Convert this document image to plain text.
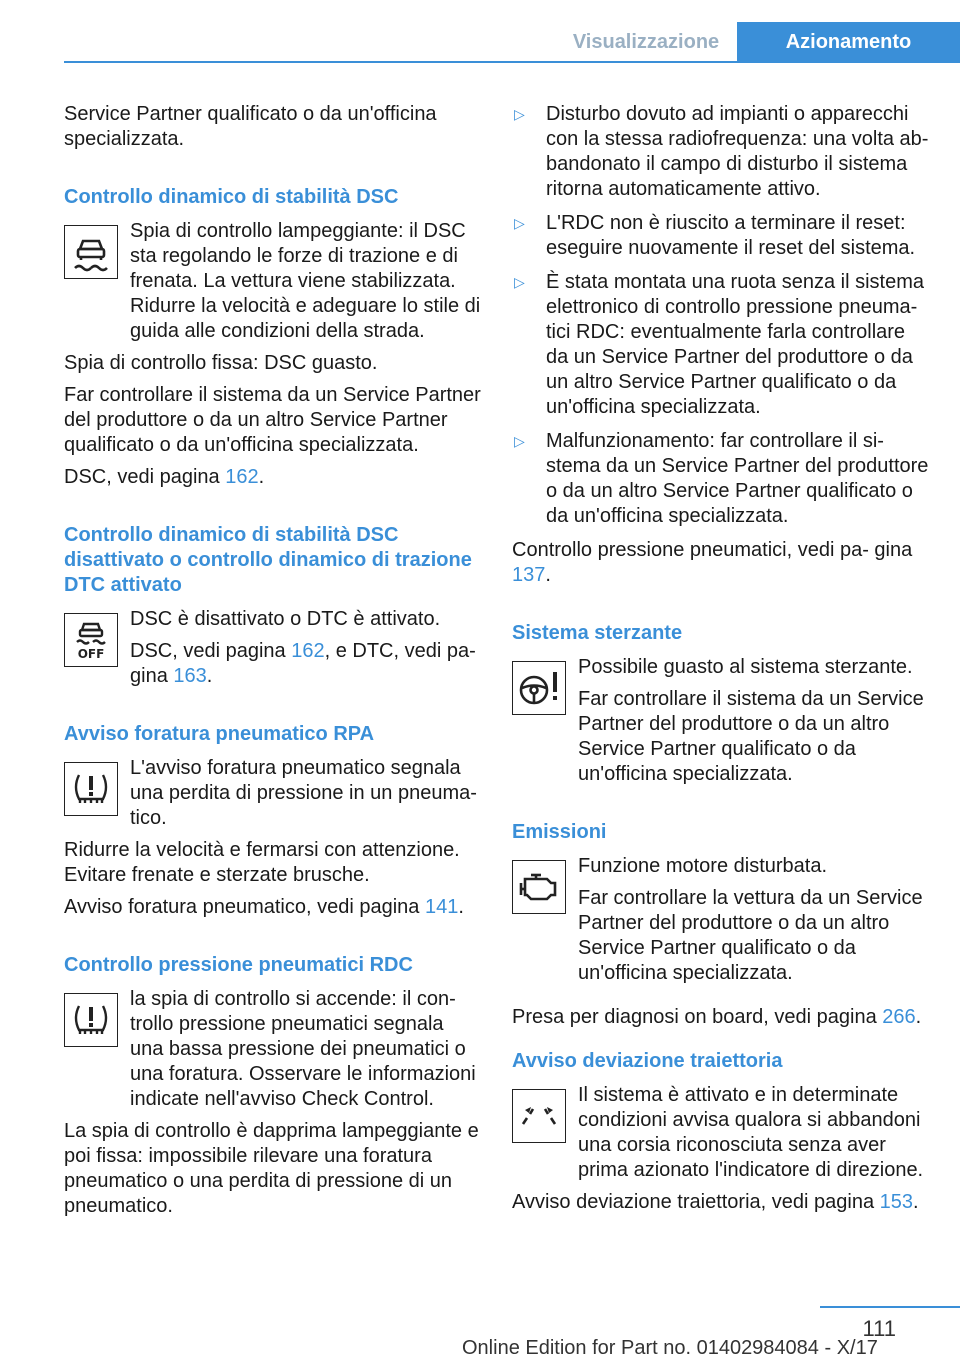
Visualizzazione	Azionamento

Service Partner qualificato o da un'officina specializzata.

Controllo dinamico di stabilità DSC
Spia di controllo lampeggiante: il DSC sta regolando le forze di trazione e di frenata. La vettura viene stabilizzata. Ridurre la velocità e adeguare lo stile di guida alle condizioni della strada.

Spia di controllo fissa: DSC guasto.

Far controllare il sistema da un Service Partner del produttore o da un altro Service Partner qualificato o da un'officina specializzata.

DSC, vedi pagina 162.

Controllo dinamico di stabilità DSC disattivato o controllo dinamico di trazione DTC attivato
OFF

DSC è disattivato o DTC è attivato.

DSC, vedi pagina 162, e DTC, vedi pa- gina 163.

Avviso foratura pneumatico RPA
L'avviso foratura pneumatico segnala una perdita di pressione in un pneuma- tico.

Ridurre la velocità e fermarsi con attenzione. Evitare frenate e sterzate brusche.

Avviso foratura pneumatico, vedi pagina 141.

Controllo pressione pneumatici RDC
la spia di controllo si accende: il con- trollo pressione pneumatici segnala una bassa pressione dei pneumatici o una foratura. Osservare le informazioni indicate nell'avviso Check Control.

La spia di controllo è dapprima lampeggiante e poi fissa: impossibile rilevare una foratura pneumatico o una perdita di pressione di un pneumatico.

▷ Disturbo dovuto ad impianti o apparecchi con la stessa radiofrequenza: una volta ab- bandonato il campo di disturbo il sistema ritorna automaticamente attivo.
▷ L'RDC non è riuscito a terminare il reset: eseguire nuovamente il reset del sistema.
▷ È stata montata una ruota senza il sistema elettronico di controllo pressione pneuma- tici RDC: eventualmente farla controllare da un Service Partner del produttore o da un altro Service Partner qualificato o da un'officina specializzata.
▷ Malfunzionamento: far controllare il si- stema da un Service Partner del produttore o da un altro Service Partner qualificato o da un'officina specializzata.

Controllo pressione pneumatici, vedi pa- gina 137.

Sistema sterzante

Possibile guasto al sistema sterzante.

Far controllare il sistema da un Service Partner del produttore o da un altro Service Partner qualificato o da un'officina specializzata.

Emissioni

Funzione motore disturbata.

Far controllare la vettura da un Service Partner del produttore o da un altro Service Partner qualificato o da un'officina specializzata.

Presa per diagnosi on board, vedi pagina 266.

Avviso deviazione traiettoria
Il sistema è attivato e in determinate condizioni avvisa qualora si abbandoni una corsia riconosciuta senza aver prima azionato l'indicatore di direzione.

Avviso deviazione traiettoria, vedi pagina 153.

111
Online Edition for Part no. 01402984084 - X/17
